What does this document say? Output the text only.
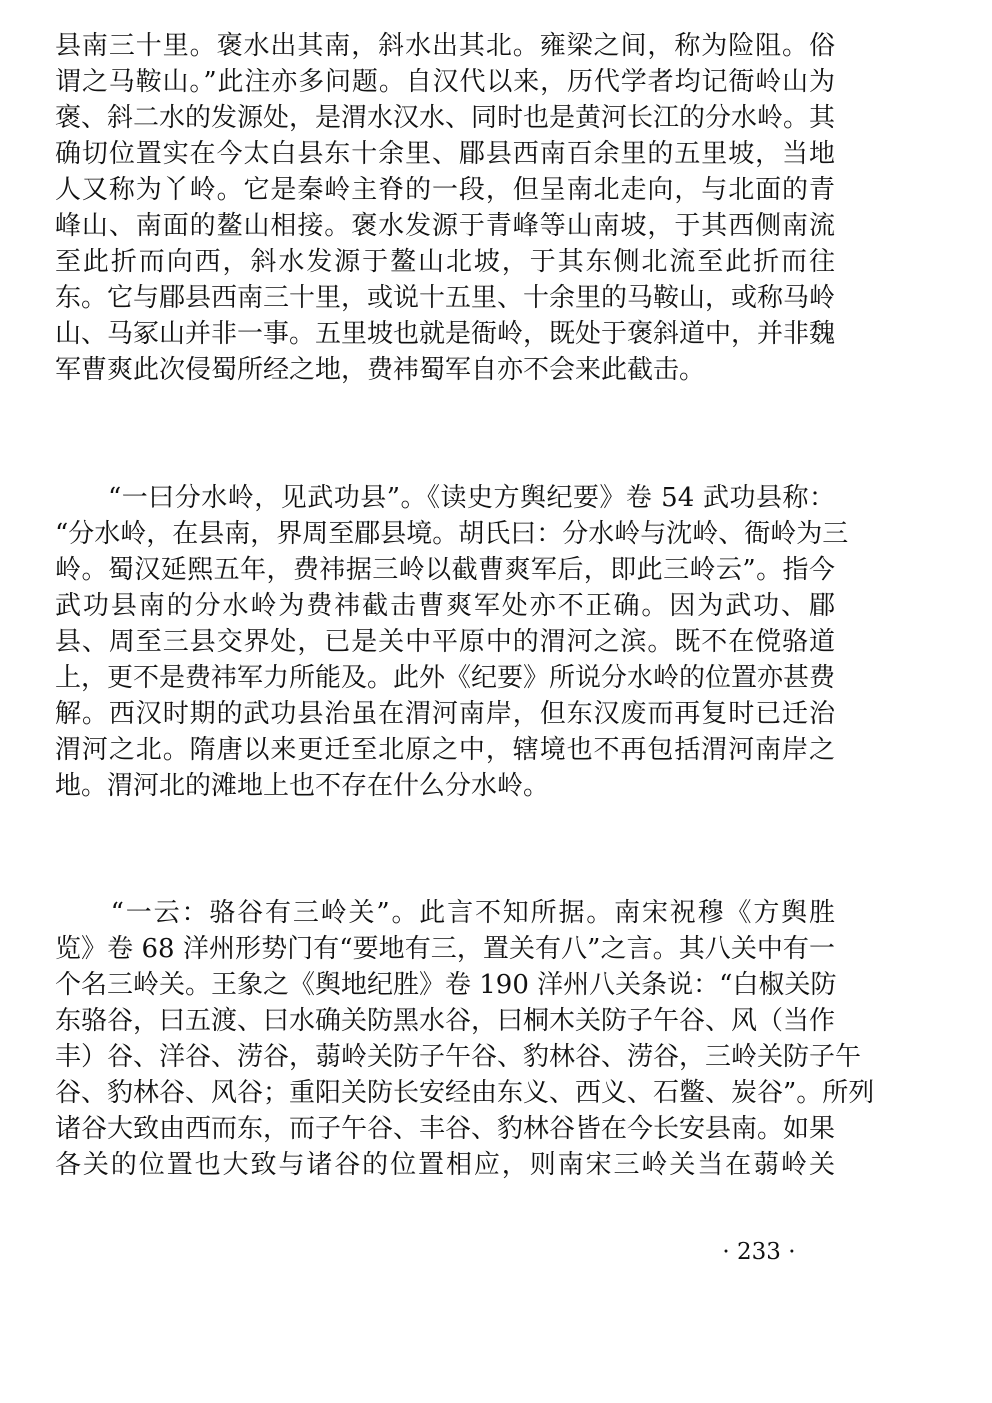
县南三十里。褒水出其南，斜水出其北。雍梁之间，称为险阻。俗
谓之马鞍山。”此注亦多问题。自汉代以来，历代学者均记衙岭山为
褒、斜二水的发源处，是渭水汉水、同时也是黄河长江的分水岭。其
确切位置实在今太白县东十余里、郿县西南百余里的五里坡，当地
人又称为丫岭。它是秦岭主脊的一段，但呈南北走向，与北面的青
峰山、南面的鳌山相接。褒水发源于青峰等山南坡，于其西侧南流
至此折而向西，斜水发源于鳌山北坡，于其东侧北流至此折而往
东。它与郿县西南三十里，或说十五里、十余里的马鞍山，或称马岭
山、马冢山并非一事。五里坡也就是衙岭，既处于褒斜道中，并非魏
军曹爽此次侵蜀所经之地，费祎蜀军自亦不会来此截击。
　　“一曰分水岭，见武功县”。《读史方舆纪要》卷 54 武功县称：
“分水岭，在县南，界周至郿县境。胡氏曰：分水岭与沈岭、衙岭为三
岭。蜀汉延熙五年，费祎据三岭以截曹爽军后，即此三岭云”。指今
武功县南的分水岭为费祎截击曹爽军处亦不正确。因为武功、郿
县、周至三县交界处，已是关中平原中的渭河之滨。既不在傥骆道
上，更不是费祎军力所能及。此外《纪要》所说分水岭的位置亦甚费
解。西汉时期的武功县治虽在渭河南岸，但东汉废而再复时已迁治
渭河之北。隋唐以来更迁至北原之中，辖境也不再包括渭河南岸之
地。渭河北的滩地上也不存在什么分水岭。
　　“一云：骆谷有三岭关”。此言不知所据。南宋祝穆《方舆胜
览》卷 68 洋州形势门有“要地有三，置关有八”之言。其八关中有一
个名三岭关。王象之《舆地纪胜》卷 190 洋州八关条说：“白椒关防
东骆谷，曰五渡、曰水确关防黑水谷，曰桐木关防子午谷、风（当作
丰）谷、洋谷、涝谷，蒻岭关防子午谷、豹林谷、涝谷，三岭关防子午
谷、豹林谷、风谷；重阳关防长安经由东义、西义、石鳖、炭谷”。所列
诸谷大致由西而东，而子午谷、丰谷、豹林谷皆在今长安县南。如果
各关的位置也大致与诸谷的位置相应，则南宋三岭关当在蒻岭关
· 233 ·
